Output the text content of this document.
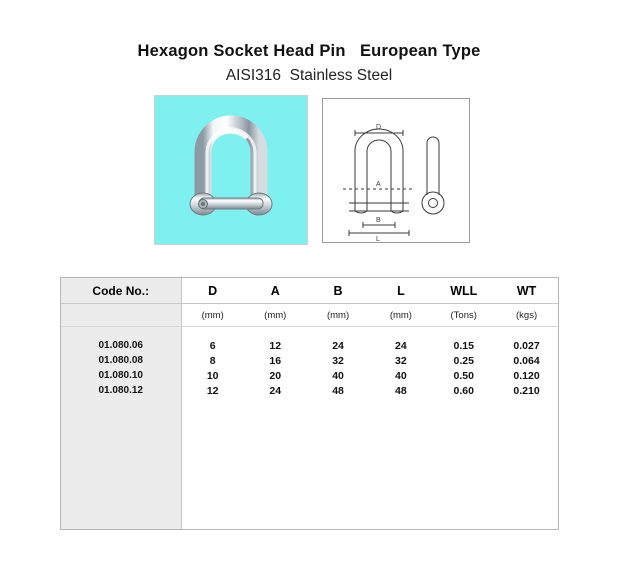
Hexagon Socket Head Pin   European Type
AISI316  Stainless Steel
D
A
B
L
Code No.:	D	A	B	L	WLL	WT
	(mm)	(mm)	(mm)	(mm)	(Tons)	(kgs)

01.080.06	6	12	24	24	0.15	0.027
01.080.08	8	16	32	32	0.25	0.064
01.080.10	10	20	40	40	0.50	0.120
01.080.12	12	24	48	48	0.60	0.210
